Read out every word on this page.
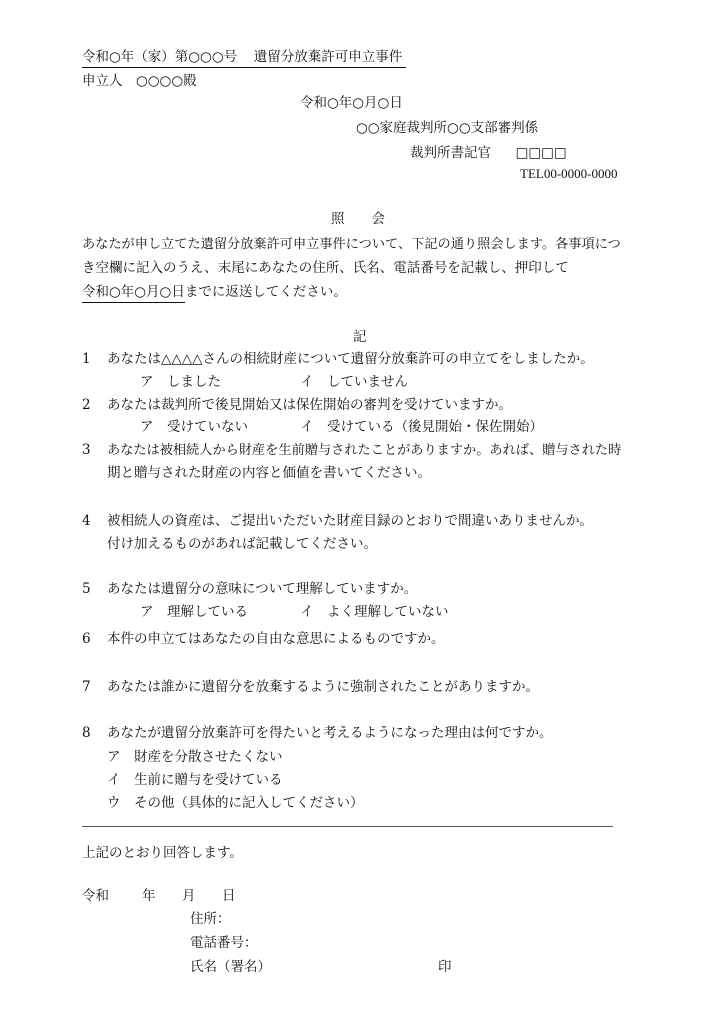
令和○年（家）第○○○号 遺留分放棄許可申立事件
申立人　○○○○殿
令和○年○月○日
○○家庭裁判所○○支部審判係
裁判所書記官 □□□□
TEL00-0000-0000
照　　会
あなたが申し立てた遺留分放棄許可申立事件について、下記の通り照会します。各事項につ
き空欄に記入のうえ、末尾にあなたの住所、氏名、電話番号を記載し、押印して
令和○年○月○日までに返送してください。
記
1 あなたは△△△△さんの相続財産について遺留分放棄許可の申立てをしましたか。
ア　しました	イ　していません
2 あなたは裁判所で後見開始又は保佐開始の審判を受けていますか。
ア　受けていない	イ　受けている（後見開始・保佐開始）
3 あなたは被相続人から財産を生前贈与されたことがありますか。あれば、贈与された時
期と贈与された財産の内容と価値を書いてください。
4 被相続人の資産は、ご提出いただいた財産目録のとおりで間違いありませんか。
付け加えるものがあれば記載してください。
5 あなたは遺留分の意味について理解していますか。
ア　理解している	イ　よく理解していない
6 本件の申立てはあなたの自由な意思によるものですか。
7 あなたは誰かに遺留分を放棄するように強制されたことがありますか。
8 あなたが遺留分放棄許可を得たいと考えるようになった理由は何ですか。
ア　財産を分散させたくない
イ　生前に贈与を受けている
ウ　その他（具体的に記入してください）
上記のとおり回答します。
令和 年 月 日
住所：
電話番号：
氏名（署名）	印
